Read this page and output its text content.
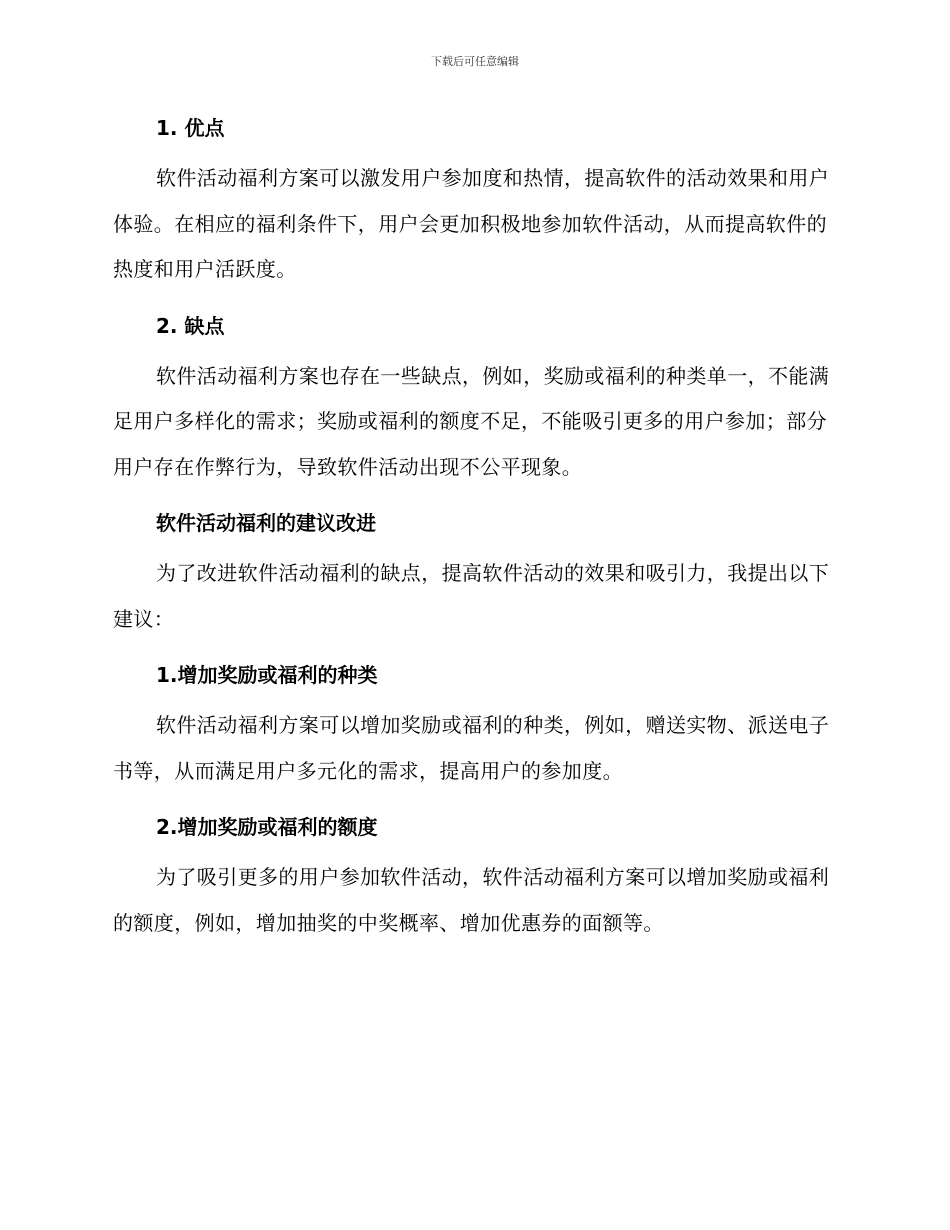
下载后可任意编辑
1. 优点

软件活动福利方案可以激发用户参加度和热情，提高软件的活动效果和用户体验。在相应的福利条件下，用户会更加积极地参加软件活动，从而提高软件的热度和用户活跃度。

2. 缺点

软件活动福利方案也存在一些缺点，例如，奖励或福利的种类单一，不能满足用户多样化的需求；奖励或福利的额度不足，不能吸引更多的用户参加；部分用户存在作弊行为，导致软件活动出现不公平现象。

软件活动福利的建议改进

为了改进软件活动福利的缺点，提高软件活动的效果和吸引力，我提出以下建议：

1.增加奖励或福利的种类

软件活动福利方案可以增加奖励或福利的种类，例如，赠送实物、派送电子书等，从而满足用户多元化的需求，提高用户的参加度。

2.增加奖励或福利的额度

为了吸引更多的用户参加软件活动，软件活动福利方案可以增加奖励或福利的额度，例如，增加抽奖的中奖概率、增加优惠券的面额等。
